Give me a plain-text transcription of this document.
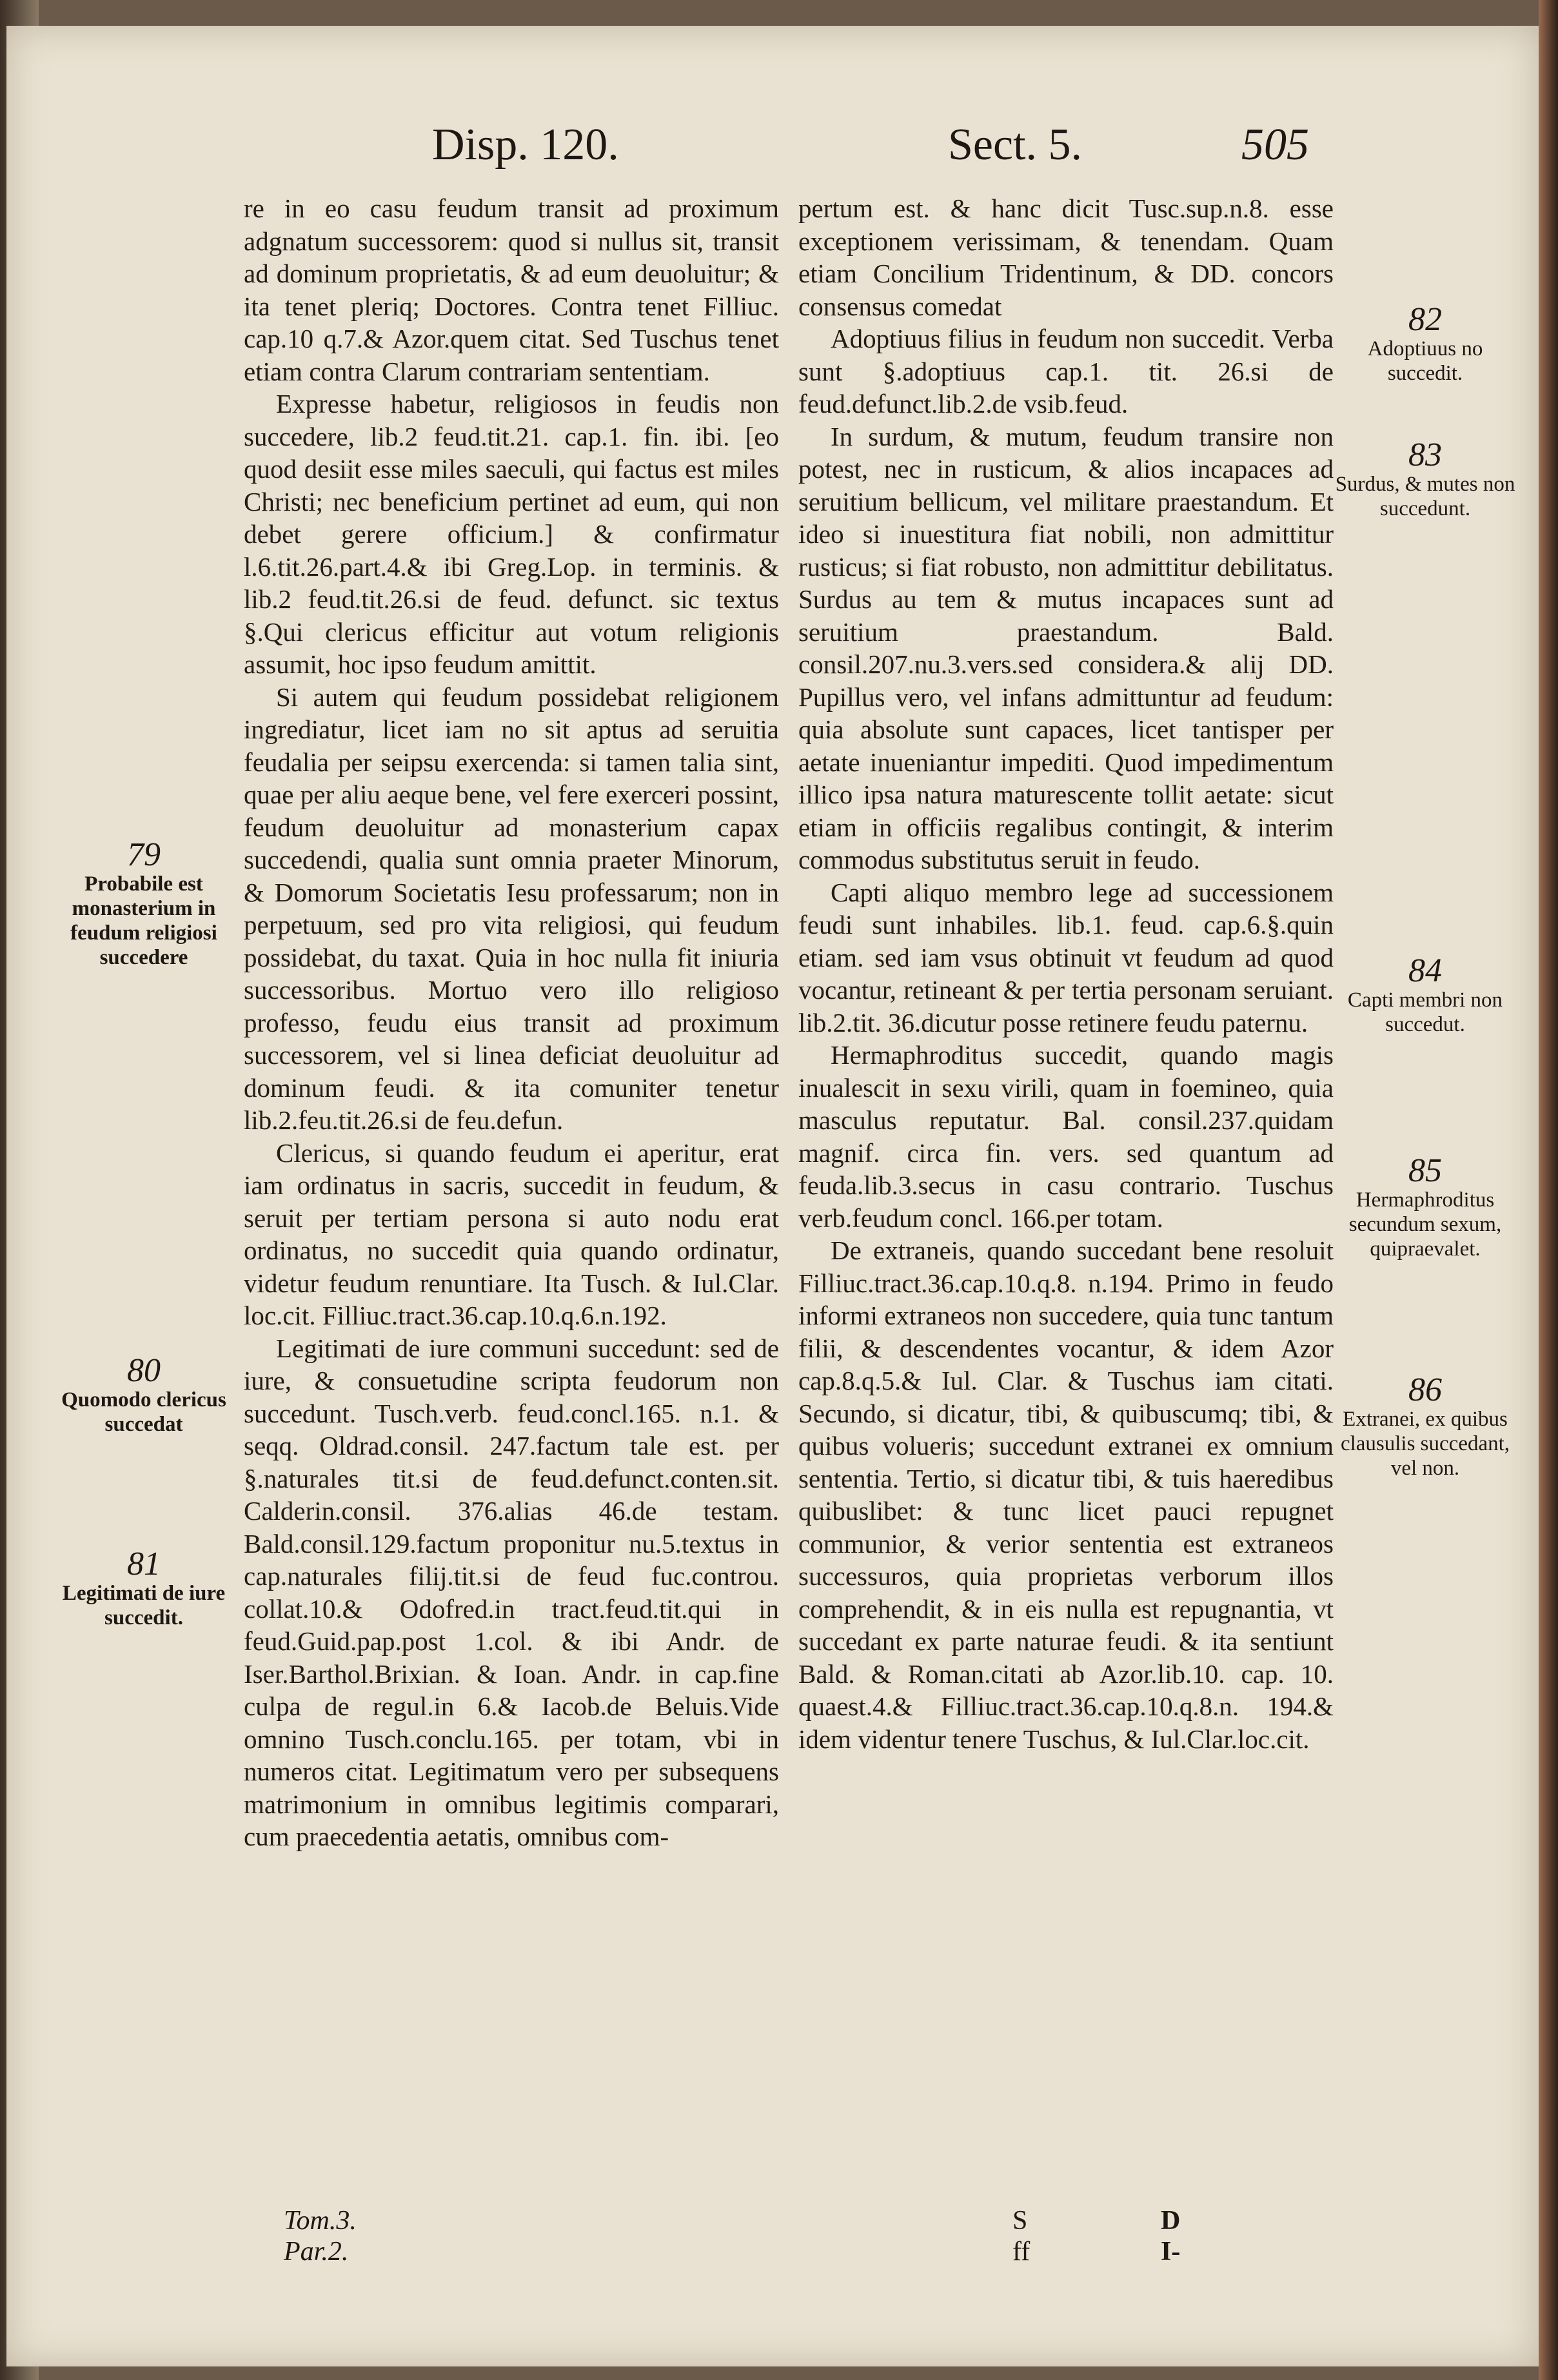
Disp. 120.	Sect. 5.	505

re in eo casu feudum transit ad proximum adgnatum successorem: quod si nullus sit, transit ad dominum proprietatis, & ad eum deuoluitur; & ita tenet pleriq; Doctores. Contra tenet Filliuc. cap.10 q.7.& Azor.quem citat. Sed Tuschus tenet etiam contra Clarum contrariam sententiam.

Expresse habetur, religiosos in feudis non succedere, lib.2 feud.tit.21. cap.1. fin. ibi. [eo quod desiit esse miles saeculi, qui factus est miles Christi; nec beneficium pertinet ad eum, qui non debet gerere officium.] & confirmatur l.6.tit.26.part.4.& ibi Greg.Lop. in terminis. & lib.2 feud.tit.26.si de feud. defunct. sic textus §.Qui clericus efficitur aut votum religionis assumit, hoc ipso feudum amittit.

Si autem qui feudum possidebat religionem ingrediatur, licet iam no sit aptus ad seruitia feudalia per seipsu exercenda: si tamen talia sint, quae per aliu aeque bene, vel fere exerceri possint, feudum deuoluitur ad monasterium capax succedendi, qualia sunt omnia praeter Minorum, & Domorum Societatis Iesu professarum; non in perpetuum, sed pro vita religiosi, qui feudum possidebat, du taxat. Quia in hoc nulla fit iniuria successoribus. Mortuo vero illo religioso professo, feudu eius transit ad proximum successorem, vel si linea deficiat deuoluitur ad dominum feudi. & ita comuniter tenetur lib.2.feu.tit.26.si de feu.defun.

Clericus, si quando feudum ei aperitur, erat iam ordinatus in sacris, succedit in feudum, & seruit per tertiam persona si auto nodu erat ordinatus, no succedit quia quando ordinatur, videtur feudum renuntiare. Ita Tusch. & Iul.Clar. loc.cit. Filliuc.tract.36.cap.10.q.6.n.192.

Legitimati de iure communi succedunt: sed de iure, & consuetudine scripta feudorum non succedunt. Tusch.verb. feud.concl.165. n.1. & seqq. Oldrad.consil. 247.factum tale est. per §.naturales tit.si de feud.defunct.conten.sit. Calderin.consil. 376.alias 46.de testam. Bald.consil.129.factum proponitur nu.5.textus in cap.naturales filij.tit.si de feud fuc.controu. collat.10.& Odofred.in tract.feud.tit.qui in feud.Guid.pap.post 1.col. & ibi Andr. de Iser.Barthol.Brixian. & Ioan. Andr. in cap.fine culpa de regul.in 6.& Iacob.de Beluis.Vide omnino Tusch.conclu.165. per totam, vbi in numeros citat. Legitimatum vero per subsequens matrimonium in omnibus legitimis comparari, cum praecedentia aetatis, omnibus com-

pertum est. & hanc dicit Tusc.sup.n.8. esse exceptionem verissimam, & tenendam. Quam etiam Concilium Tridentinum, & DD. concors consensus comedat

Adoptiuus filius in feudum non succedit. Verba sunt §.adoptiuus cap.1. tit. 26.si de feud.defunct.lib.2.de vsib.feud.

In surdum, & mutum, feudum transire non potest, nec in rusticum, & alios incapaces ad seruitium bellicum, vel militare praestandum. Et ideo si inuestitura fiat nobili, non admittitur rusticus; si fiat robusto, non admittitur debilitatus. Surdus au tem & mutus incapaces sunt ad seruitium praestandum. Bald. consil.207.nu.3.vers.sed considera.& alij DD. Pupillus vero, vel infans admittuntur ad feudum: quia absolute sunt capaces, licet tantisper per aetate inueniantur impediti. Quod impedimentum illico ipsa natura maturescente tollit aetate: sicut etiam in officiis regalibus contingit, & interim commodus substitutus seruit in feudo.

Capti aliquo membro lege ad successionem feudi sunt inhabiles. lib.1. feud. cap.6.§.quin etiam. sed iam vsus obtinuit vt feudum ad quod vocantur, retineant & per tertia personam seruiant. lib.2.tit. 36.dicutur posse retinere feudu paternu.

Hermaphroditus succedit, quando magis inualescit in sexu virili, quam in foemineo, quia masculus reputatur. Bal. consil.237.quidam magnif. circa fin. vers. sed quantum ad feuda.lib.3.secus in casu contrario. Tuschus verb.feudum concl. 166.per totam.

De extraneis, quando succedant bene resoluit Filliuc.tract.36.cap.10.q.8. n.194. Primo in feudo informi extraneos non succedere, quia tunc tantum filii, & descendentes vocantur, & idem Azor cap.8.q.5.& Iul. Clar. & Tuschus iam citati. Secundo, si dicatur, tibi, & quibuscumq; tibi, & quibus volueris; succedunt extranei ex omnium sententia. Tertio, si dicatur tibi, & tuis haeredibus quibuslibet: & tunc licet pauci repugnet communior, & verior sententia est extraneos successuros, quia proprietas verborum illos comprehendit, & in eis nulla est repugnantia, vt succedant ex parte naturae feudi. & ita sentiunt Bald. & Roman.citati ab Azor.lib.10. cap. 10. quaest.4.& Filliuc.tract.36.cap.10.q.8.n. 194.& idem videntur tenere Tuschus, & Iul.Clar.loc.cit.

79
Probabile est monasterium in feudum religiosi succedere
80
Quomodo clericus succedat
81
Legitimati de iure succedit.
82
Adoptiuus no succedit.
83
Surdus, & mutes non succedunt.
84
Capti membri non succedut.
85
Hermaphroditus secundum sexum, quipraevalet.
86
Extranei, ex quibus clausulis succedant, vel non.
Tom.3. Par.2.
S ff
D I-
